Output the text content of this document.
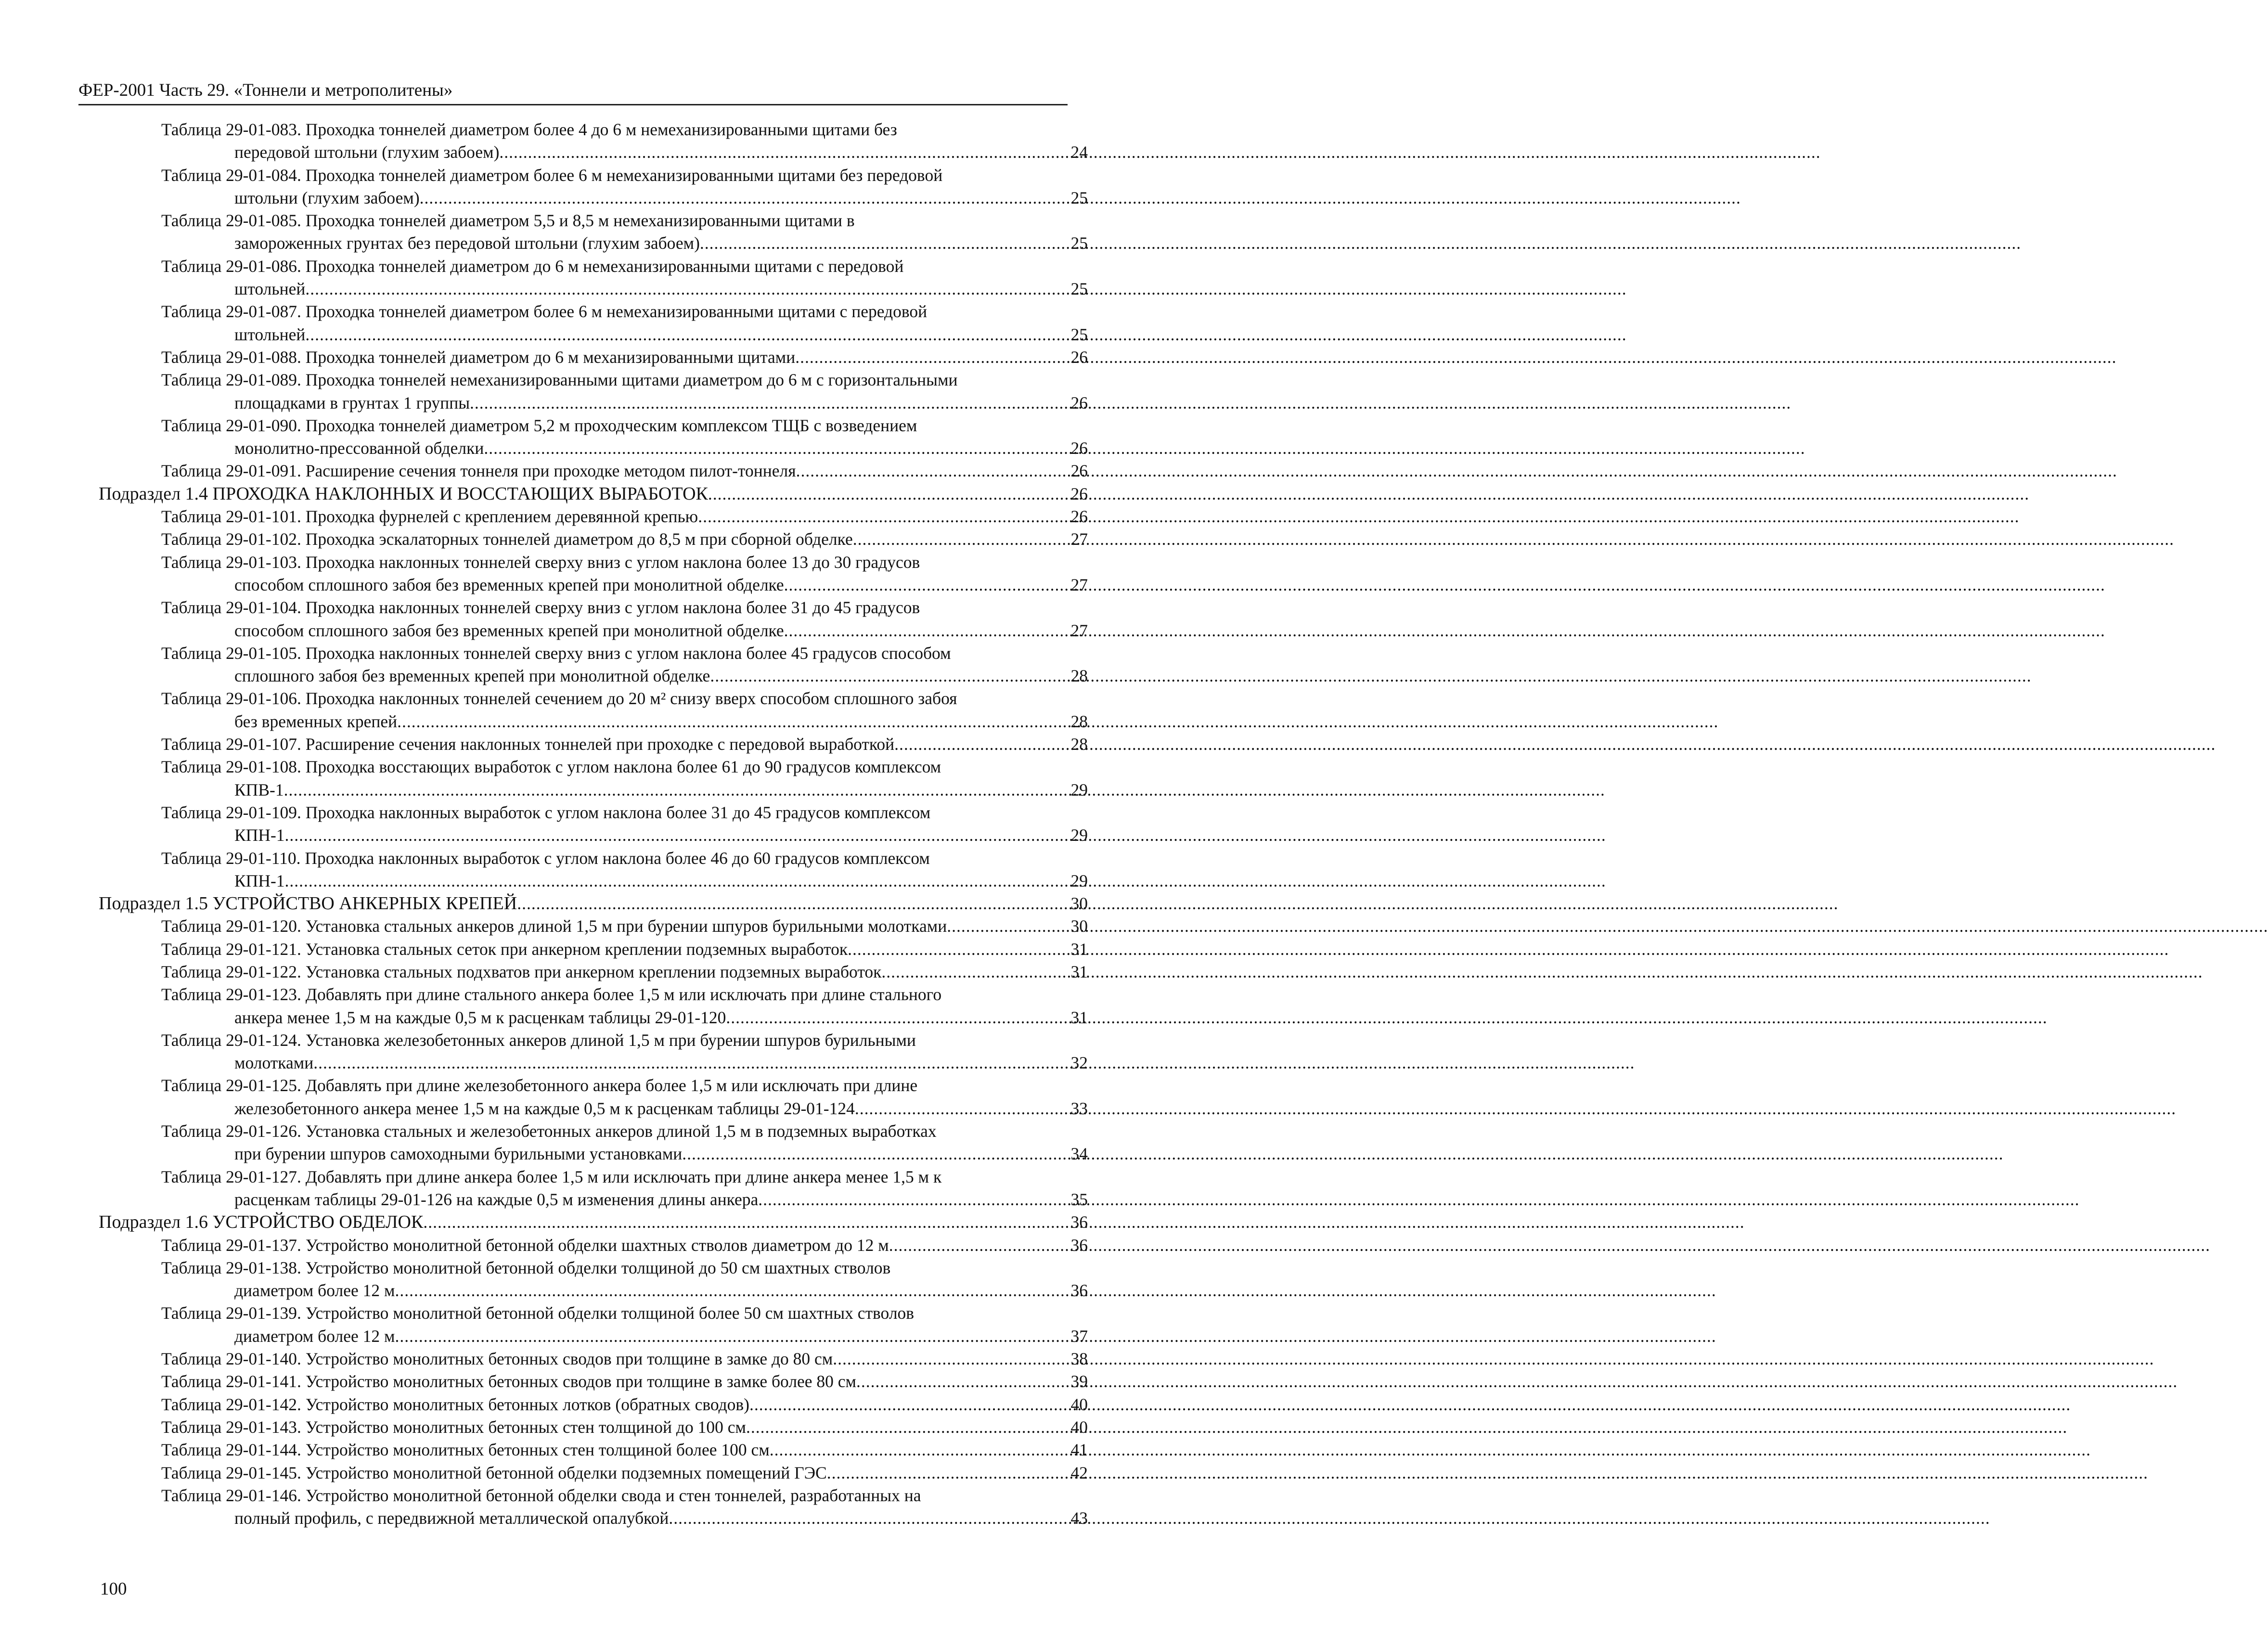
ФЕР-2001 Часть 29. «Тоннели и метрополитены»
Таблица 29-01-083. Проходка тоннелей диаметром более 4 до 6 м немеханизированными щитами без
передовой штольни (глухим забоем) .....	24
Таблица 29-01-084. Проходка тоннелей диаметром более 6 м немеханизированными щитами без передовой
штольни (глухим забоем) .....	25
Таблица 29-01-085. Проходка тоннелей диаметром 5,5 и 8,5 м немеханизированными щитами в
замороженных грунтах без передовой штольни (глухим забоем) .....	25
Таблица 29-01-086. Проходка тоннелей диаметром до 6 м немеханизированными щитами с передовой
штольней .....	25
Таблица 29-01-087. Проходка тоннелей диаметром более 6 м немеханизированными щитами с передовой
штольней .....	25
Таблица 29-01-088. Проходка тоннелей диаметром до 6 м механизированными щитами .....	26
Таблица 29-01-089. Проходка тоннелей немеханизированными щитами диаметром до 6 м с горизонтальными
площадками в грунтах 1 группы .....	26
Таблица 29-01-090. Проходка тоннелей диаметром 5,2 м проходческим комплексом ТЩБ с возведением
монолитно-прессованной обделки .....	26
Таблица 29-01-091. Расширение сечения тоннеля при проходке методом пилот-тоннеля .....	26
Подраздел 1.4 ПРОХОДКА НАКЛОННЫХ И ВОССТАЮЩИХ ВЫРАБОТОК .....	26
Таблица 29-01-101. Проходка фурнелей с креплением деревянной крепью .....	26
Таблица 29-01-102. Проходка эскалаторных тоннелей диаметром до 8,5 м при сборной обделке .....	27
Таблица 29-01-103. Проходка наклонных тоннелей сверху вниз с углом наклона более 13 до 30 градусов
способом сплошного забоя без временных крепей при монолитной обделке .....	27
Таблица 29-01-104. Проходка наклонных тоннелей сверху вниз с углом наклона более 31 до 45 градусов
способом сплошного забоя без временных крепей при монолитной обделке .....	27
Таблица 29-01-105. Проходка наклонных тоннелей сверху вниз с углом наклона более 45 градусов способом
сплошного забоя без временных крепей при монолитной обделке .....	28
Таблица 29-01-106. Проходка наклонных тоннелей сечением до 20 м² снизу вверх способом сплошного забоя
без временных крепей .....	28
Таблица 29-01-107. Расширение сечения наклонных тоннелей при проходке с передовой выработкой .....	28
Таблица 29-01-108. Проходка восстающих выработок с углом наклона более 61 до 90 градусов комплексом
КПВ-1 .....	29
Таблица 29-01-109. Проходка наклонных выработок с углом наклона более 31 до 45 градусов комплексом
КПН-1 .....	29
Таблица 29-01-110. Проходка наклонных выработок с углом наклона более 46 до 60 градусов комплексом
КПН-1 .....	29
Подраздел 1.5 УСТРОЙСТВО АНКЕРНЫХ КРЕПЕЙ .....	30
Таблица 29-01-120. Установка стальных анкеров длиной 1,5 м при бурении шпуров бурильными молотками .....	30
Таблица 29-01-121. Установка стальных сеток при анкерном креплении подземных выработок .....	31
Таблица 29-01-122. Установка стальных подхватов при анкерном креплении подземных выработок .....	31
Таблица 29-01-123. Добавлять при длине стального анкера более 1,5 м или исключать при длине стального
анкера менее 1,5 м на каждые 0,5 м к расценкам таблицы 29-01-120 .....	31
Таблица 29-01-124. Установка железобетонных анкеров длиной 1,5 м при бурении шпуров бурильными
молотками .....	32
Таблица 29-01-125. Добавлять при длине железобетонного анкера более 1,5 м или исключать при длине
железобетонного анкера менее 1,5 м на каждые 0,5 м к расценкам таблицы 29-01-124 .....	33
Таблица 29-01-126. Установка стальных и железобетонных анкеров длиной 1,5 м в подземных выработках
при бурении шпуров самоходными бурильными установками .....	34
Таблица 29-01-127. Добавлять при длине анкера более 1,5 м или исключать при длине анкера менее 1,5 м к
расценкам таблицы 29-01-126 на каждые 0,5 м изменения длины анкера .....	35
Подраздел 1.6 УСТРОЙСТВО ОБДЕЛОК .....	36
Таблица 29-01-137. Устройство монолитной бетонной обделки шахтных стволов диаметром до 12 м .....	36
Таблица 29-01-138. Устройство монолитной бетонной обделки толщиной до 50 см шахтных стволов
диаметром более 12 м .....	36
Таблица 29-01-139. Устройство монолитной бетонной обделки толщиной более 50 см шахтных стволов
диаметром более 12 м .....	37
Таблица 29-01-140. Устройство монолитных бетонных сводов при толщине в замке до 80 см .....	38
Таблица 29-01-141. Устройство монолитных бетонных сводов при толщине в замке более 80 см .....	39
Таблица 29-01-142. Устройство монолитных бетонных лотков (обратных сводов) .....	40
Таблица 29-01-143. Устройство монолитных бетонных стен толщиной до 100 см .....	40
Таблица 29-01-144. Устройство монолитных бетонных стен толщиной более 100 см .....	41
Таблица 29-01-145. Устройство монолитной бетонной обделки подземных помещений ГЭС .....	42
Таблица 29-01-146. Устройство монолитной бетонной обделки свода и стен тоннелей, разработанных на
полный профиль, с передвижной металлической опалубкой .....	43
100
